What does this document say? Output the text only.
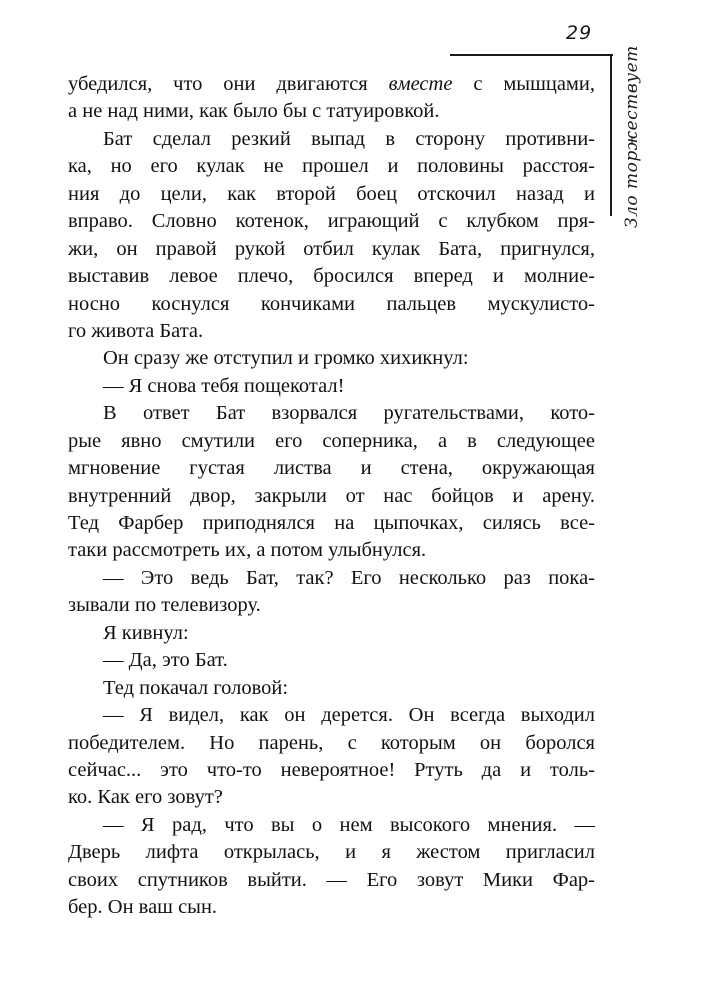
29
Зло торжествует
убедился, что они двигаются вместе с мышцами,
а не над ними, как было бы с татуировкой.
Бат сделал резкий выпад в сторону противни-
ка, но его кулак не прошел и половины расстоя-
ния до цели, как второй боец отскочил назад и
вправо. Словно котенок, играющий с клубком пря-
жи, он правой рукой отбил кулак Бата, пригнулся,
выставив левое плечо, бросился вперед и молние-
носно коснулся кончиками пальцев мускулисто-
го живота Бата.
Он сразу же отступил и громко хихикнул:
— Я снова тебя пощекотал!
В ответ Бат взорвался ругательствами, кото-
рые явно смутили его соперника, а в следующее
мгновение густая листва и стена, окружающая
внутренний двор, закрыли от нас бойцов и арену.
Тед Фарбер приподнялся на цыпочках, силясь все-
таки рассмотреть их, а потом улыбнулся.
— Это ведь Бат, так? Его несколько раз пока-
зывали по телевизору.
Я кивнул:
— Да, это Бат.
Тед покачал головой:
— Я видел, как он дерется. Он всегда выходил
победителем. Но парень, с которым он боролся
сейчас... это что-то невероятное! Ртуть да и толь-
ко. Как его зовут?
— Я рад, что вы о нем высокого мнения. —
Дверь лифта открылась, и я жестом пригласил
своих спутников выйти. — Его зовут Мики Фар-
бер. Он ваш сын.
